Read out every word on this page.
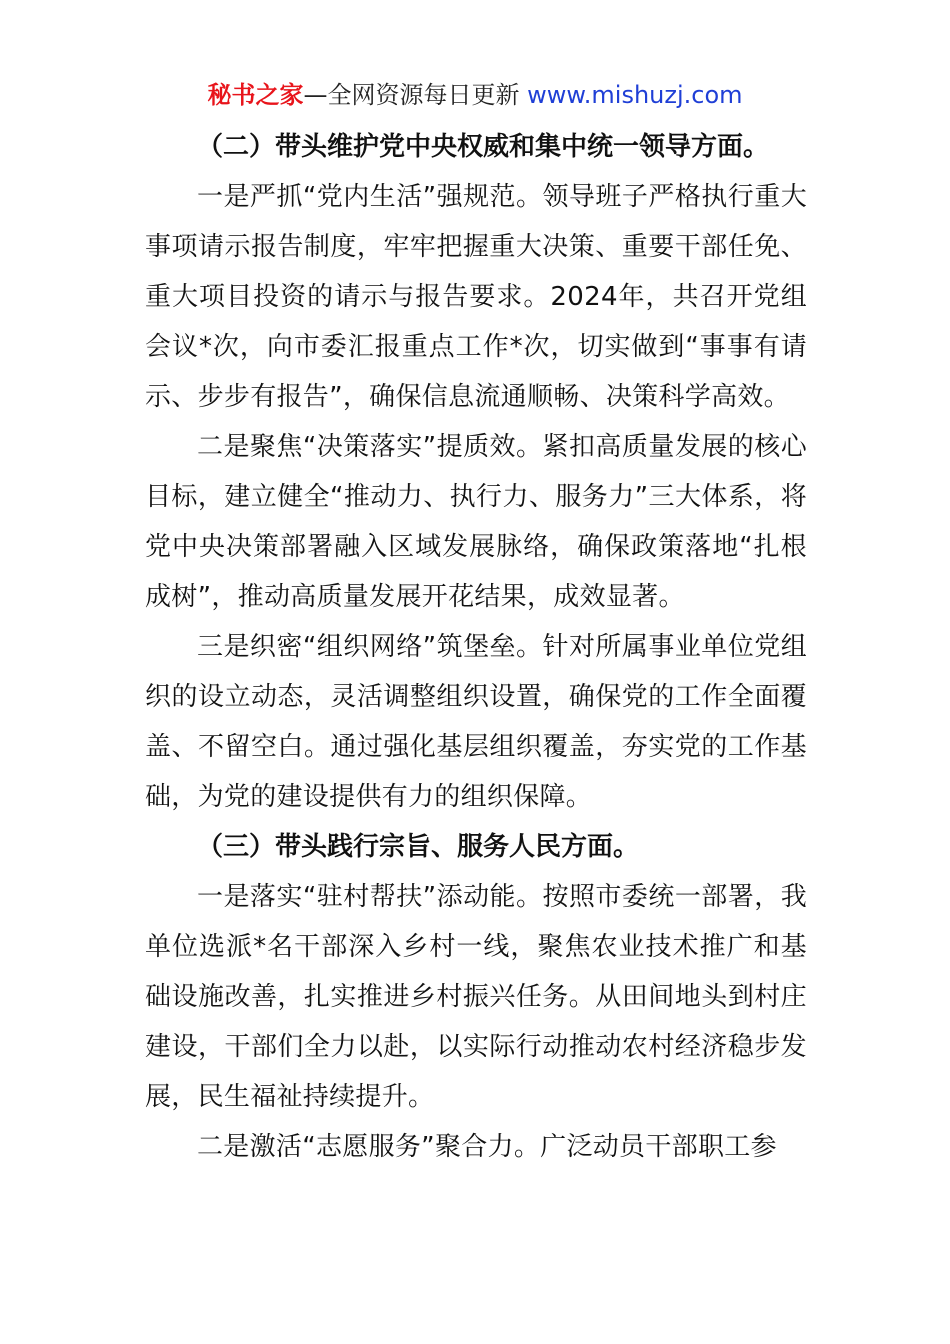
秘书之家—全网资源每日更新 www.mishuzj.com

（二）带头维护党中央权威和集中统一领导方面。

一是严抓“党内生活”强规范。领导班子严格执行重大事项请示报告制度，牢牢把握重大决策、重要干部任免、重大项目投资的请示与报告要求。2024年，共召开党组会议*次，向市委汇报重点工作*次，切实做到“事事有请示、步步有报告”，确保信息流通顺畅、决策科学高效。

二是聚焦“决策落实”提质效。紧扣高质量发展的核心目标，建立健全“推动力、执行力、服务力”三大体系，将党中央决策部署融入区域发展脉络，确保政策落地“扎根成树”，推动高质量发展开花结果，成效显著。

三是织密“组织网络”筑堡垒。针对所属事业单位党组织的设立动态，灵活调整组织设置，确保党的工作全面覆盖、不留空白。通过强化基层组织覆盖，夯实党的工作基础，为党的建设提供有力的组织保障。

（三）带头践行宗旨、服务人民方面。

一是落实“驻村帮扶”添动能。按照市委统一部署，我单位选派*名干部深入乡村一线，聚焦农业技术推广和基础设施改善，扎实推进乡村振兴任务。从田间地头到村庄建设，干部们全力以赴，以实际行动推动农村经济稳步发展，民生福祉持续提升。

二是激活“志愿服务”聚合力。广泛动员干部职工参
